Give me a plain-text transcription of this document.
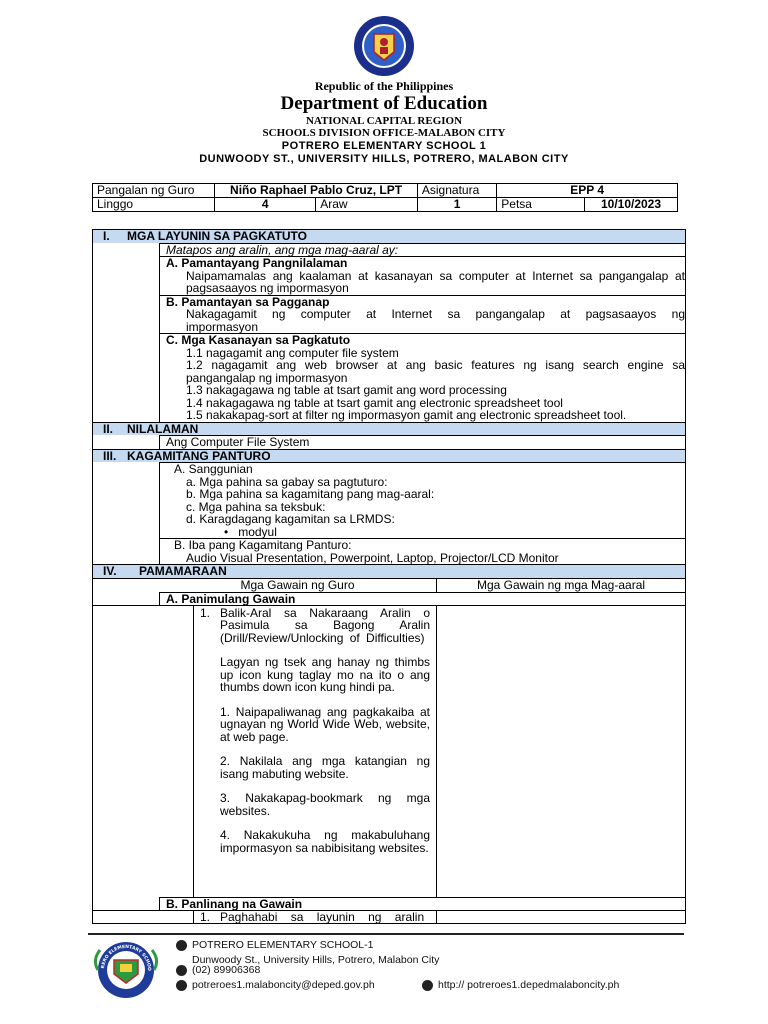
Republic of the Philippines
Department of Education
NATIONAL CAPITAL REGION
SCHOOLS DIVISION OFFICE-MALABON CITY
POTRERO ELEMENTARY SCHOOL 1
DUNWOODY ST., UNIVERSITY HILLS, POTRERO, MALABON CITY
Pangalan ng Guro	Niño Raphael Pablo Cruz, LPT	Asignatura	EPP 4	
Linggo	4 Araw	1	Petsa	10/10/2023
I. MGA LAYUNIN SA PAGKATUTO
Matapos ang aralin, ang mga mag-aaral ay:
A. Pamantayang Pangnilalaman
Naipamamalas ang kaalaman at kasanayan sa computer at Internet sa pangangalap at pagsasaayos ng impormasyon
B. Pamantayan sa Pagganap
Nakagagamit ng computer at Internet sa pangangalap at pagsasaayos ng impormasyon
C. Mga Kasanayan sa Pagkatuto
1.1 nagagamit ang computer file system
1.2 nagagamit ang web browser at ang basic features ng isang search engine sa pangangalap ng impormasyon
1.3 nakagagawa ng table at tsart gamit ang word processing
1.4 nakagagawa ng table at tsart gamit ang electronic spreadsheet tool
1.5 nakakapag-sort at filter ng impormasyon gamit ang electronic spreadsheet tool.
II. NILALAMAN
Ang Computer File System
III. KAGAMITANG PANTURO
A. Sanggunian
a. Mga pahina sa gabay sa pagtuturo:
b. Mga pahina sa kagamitang pang mag-aaral:
c. Mga pahina sa teksbuk:
d. Karagdagang kagamitan sa LRMDS:
• modyul
B. Iba pang Kagamitang Panturo:
Audio Visual Presentation, Powerpoint, Laptop, Projector/LCD Monitor
IV. PAMAMARAAN
Mga Gawain ng Guro	Mga Gawain ng mga Mag-aaral
A. Panimulang Gawain
1. Balik-Aral sa Nakaraang Aralin o Pasimula sa Bagong Aralin (Drill/Review/Unlocking of Difficulties)
Lagyan ng tsek ang hanay ng thimbs up icon kung taglay mo na ito o ang thumbs down icon kung hindi pa.
1. Naipapaliwanag ang pagkakaiba at ugnayan ng World Wide Web, website, at web page.
2. Nakilala ang mga katangian ng isang mabuting website.
3. Nakakapag-bookmark ng mga websites.
4. Nakakukuha ng makabuluhang impormasyon sa nabibisitang websites.
B. Panlinang na Gawain
1. Paghahabi sa layunin ng aralin
RERO ELEMENTARY SCHOO
POTRERO ELEMENTARY SCHOOL-1
Dunwoody St., University Hills, Potrero, Malabon City
(02) 89906368
potreroes1.malaboncity@deped.gov.ph	http:// potreroes1.depedmalaboncity.ph
